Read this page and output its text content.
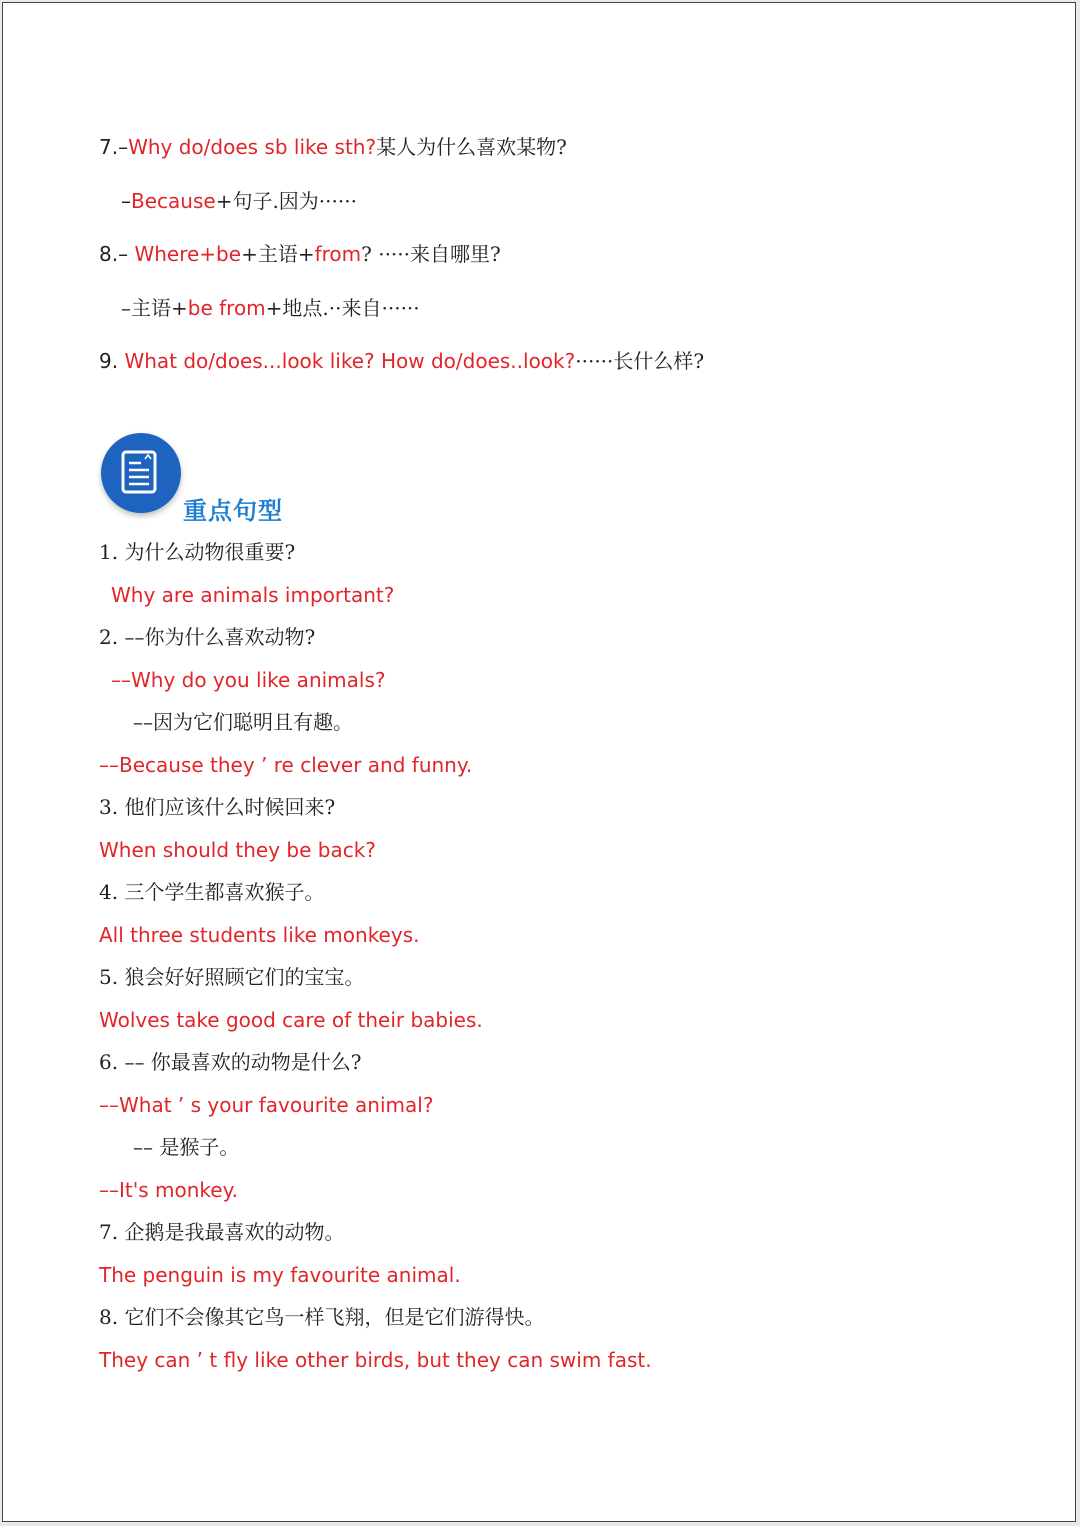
7.–Why do/does sb like sth?某人为什么喜欢某物?
–Because+句子.因为······
8.– Where+be+主语+from? ·····来自哪里?
–主语+be from+地点.··来自······
9. What do/does...look like? How do/does..look?······长什么样?
重点句型
1. 为什么动物很重要?
Why are animals important?
2. ––你为什么喜欢动物?
––Why do you like animals?
––因为它们聪明且有趣。
––Because they ’ re clever and funny.
3. 他们应该什么时候回来?
When should they be back?
4. 三个学生都喜欢猴子。
All three students like monkeys.
5. 狼会好好照顾它们的宝宝。
Wolves take good care of their babies.
6. –– 你最喜欢的动物是什么?
––What ’ s your favourite animal?
–– 是猴子。
––It's monkey.
7. 企鹅是我最喜欢的动物。
The penguin is my favourite animal.
8. 它们不会像其它鸟一样飞翔，但是它们游得快。
They can ’ t fly like other birds, but they can swim fast.
